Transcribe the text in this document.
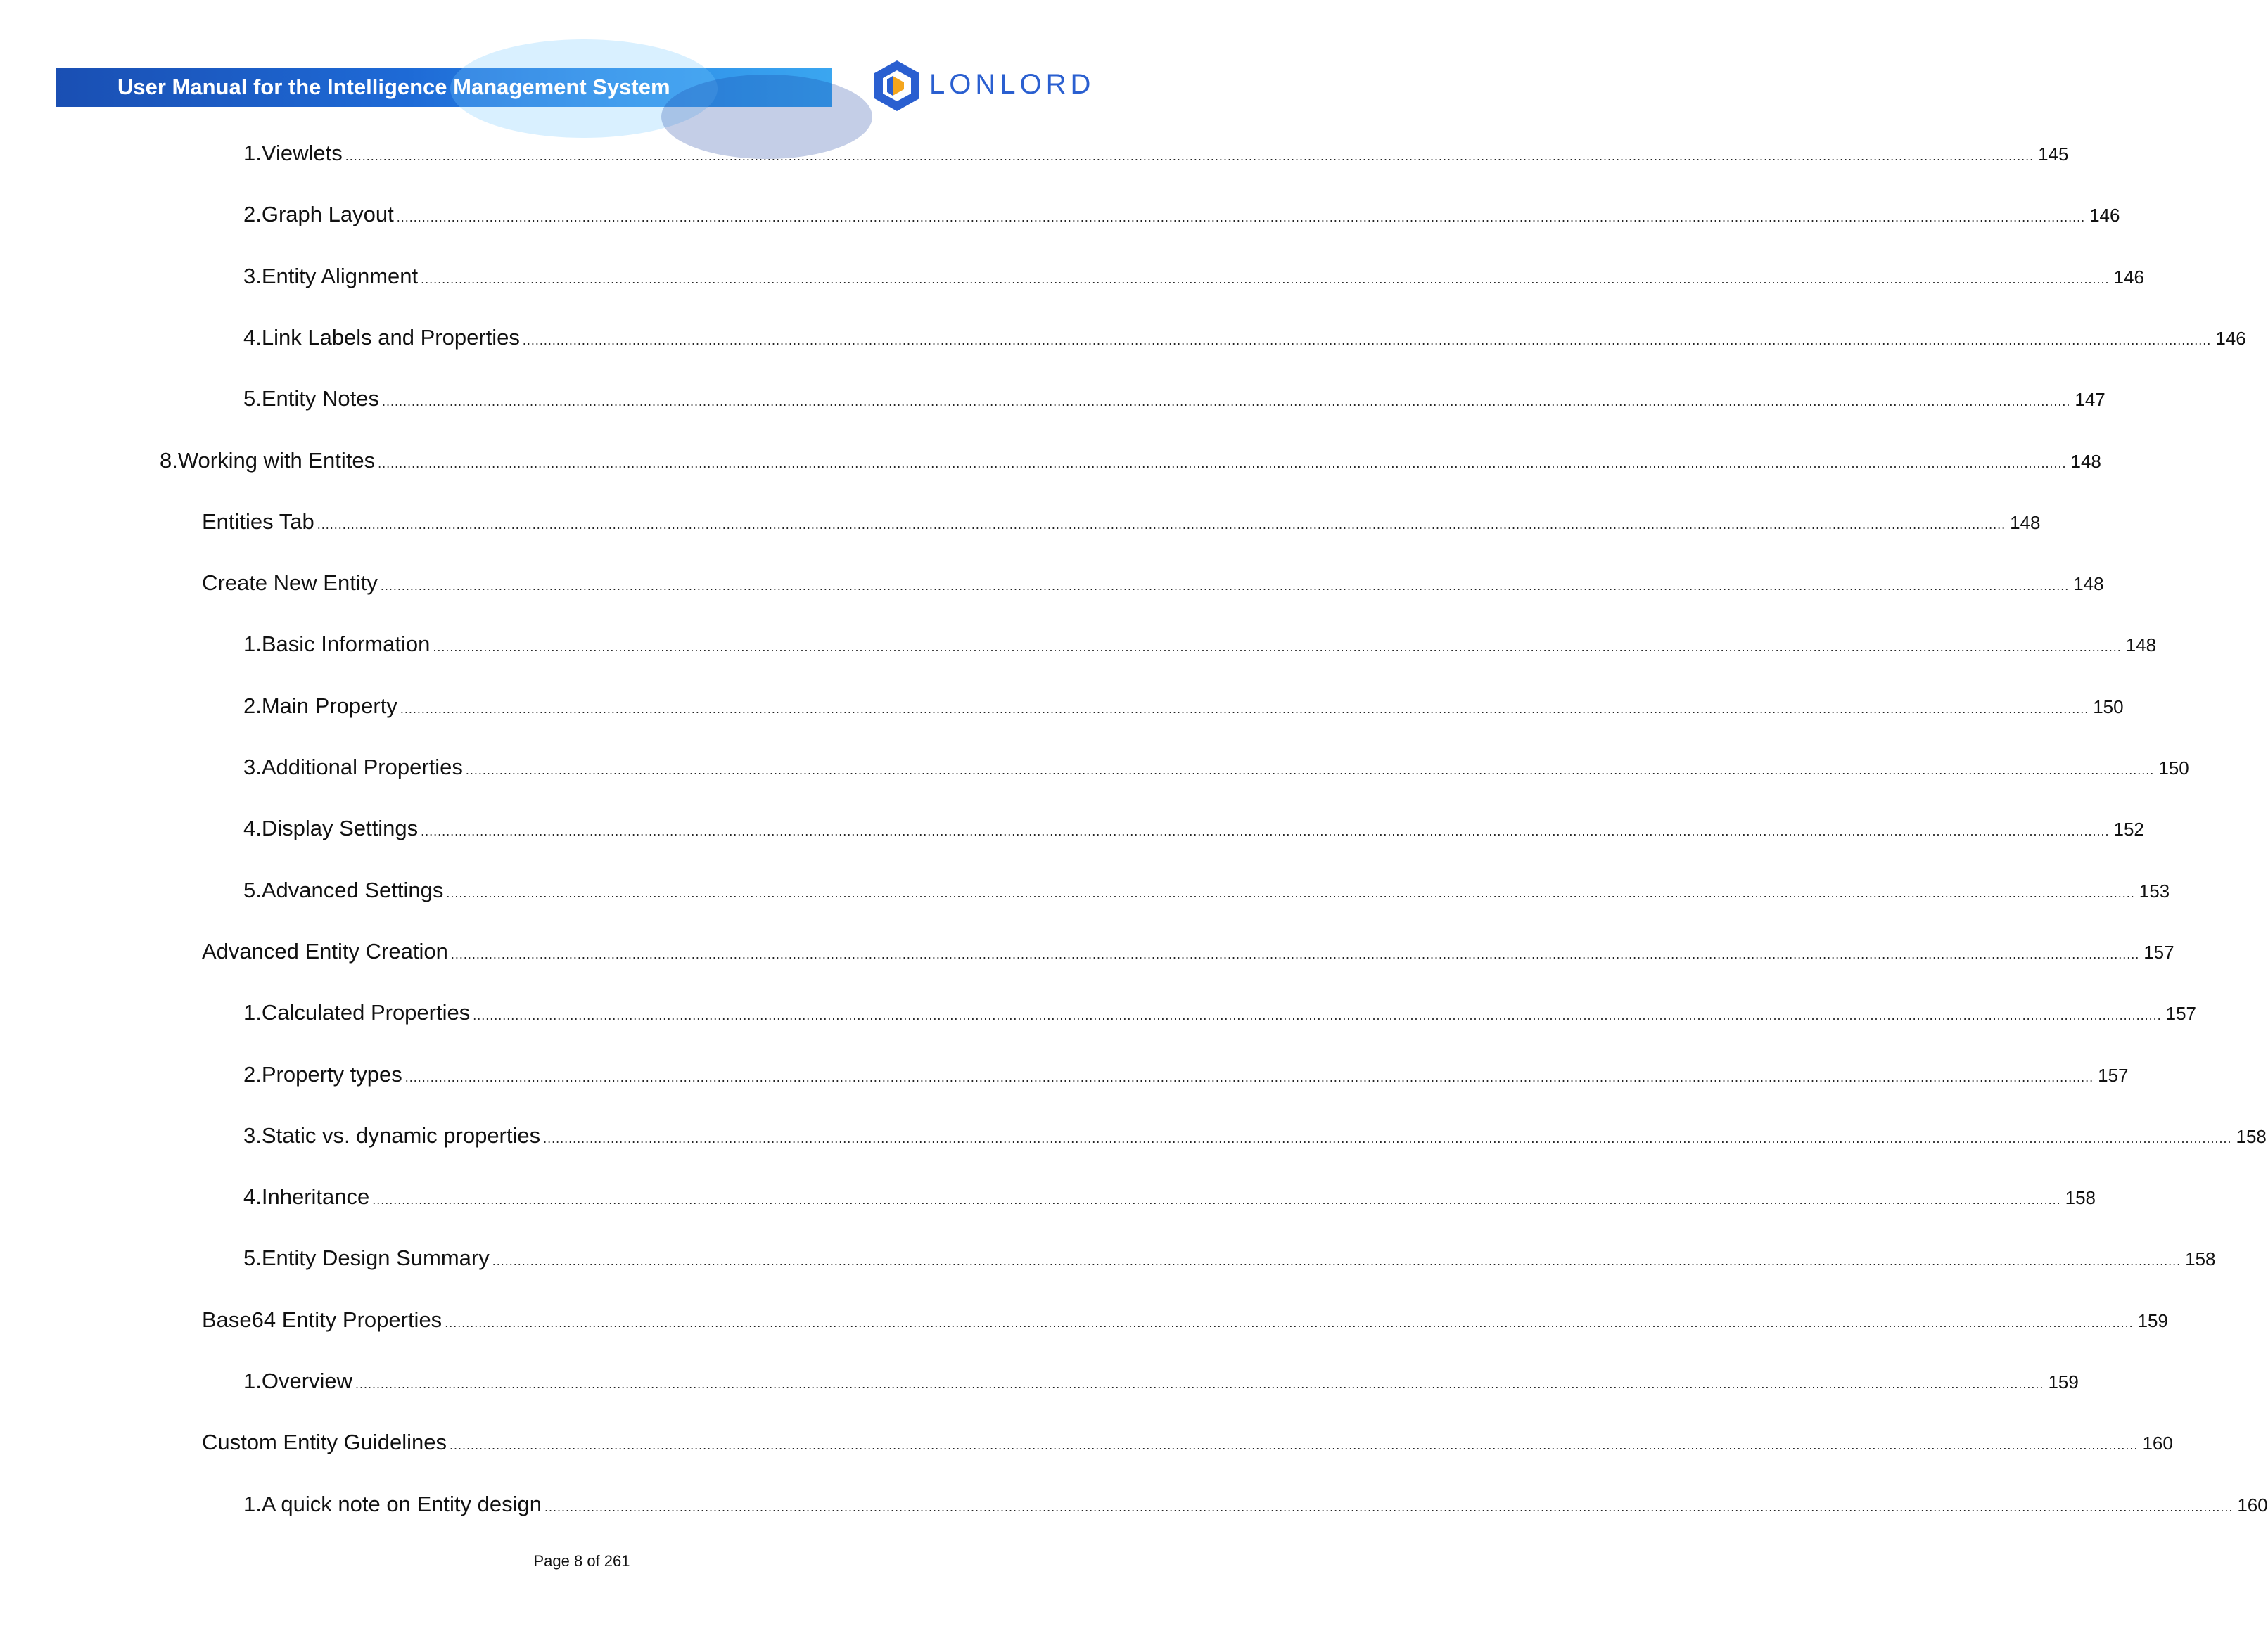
User Manual for the Intelligence Management System	LONLORD
1.Viewlets ................................................................................................................................................................................................................................................................................................................................................................................................................ 145
2.Graph Layout ................................................................................................................................................................................................................................................................................................................................................................................................................ 146
3.Entity Alignment ................................................................................................................................................................................................................................................................................................................................................................................................................ 146
4.Link Labels and Properties ................................................................................................................................................................................................................................................................................................................................................................................................................ 146
5.Entity Notes ................................................................................................................................................................................................................................................................................................................................................................................................................ 147
8.Working with Entites ................................................................................................................................................................................................................................................................................................................................................................................................................ 148
Entities Tab ................................................................................................................................................................................................................................................................................................................................................................................................................ 148
Create New Entity ................................................................................................................................................................................................................................................................................................................................................................................................................ 148
1.Basic Information ................................................................................................................................................................................................................................................................................................................................................................................................................ 148
2.Main Property ................................................................................................................................................................................................................................................................................................................................................................................................................ 150
3.Additional Properties ................................................................................................................................................................................................................................................................................................................................................................................................................ 150
4.Display Settings ................................................................................................................................................................................................................................................................................................................................................................................................................ 152
5.Advanced Settings ................................................................................................................................................................................................................................................................................................................................................................................................................ 153
Advanced Entity Creation ................................................................................................................................................................................................................................................................................................................................................................................................................ 157
1.Calculated Properties ................................................................................................................................................................................................................................................................................................................................................................................................................ 157
2.Property types ................................................................................................................................................................................................................................................................................................................................................................................................................ 157
3.Static vs. dynamic properties ................................................................................................................................................................................................................................................................................................................................................................................................................ 158
4.Inheritance ................................................................................................................................................................................................................................................................................................................................................................................................................ 158
5.Entity Design Summary ................................................................................................................................................................................................................................................................................................................................................................................................................ 158
Base64 Entity Properties ................................................................................................................................................................................................................................................................................................................................................................................................................ 159
1.Overview ................................................................................................................................................................................................................................................................................................................................................................................................................ 159
Custom Entity Guidelines ................................................................................................................................................................................................................................................................................................................................................................................................................ 160
1.A quick note on Entity design ................................................................................................................................................................................................................................................................................................................................................................................................................ 160
Page 8 of 261
